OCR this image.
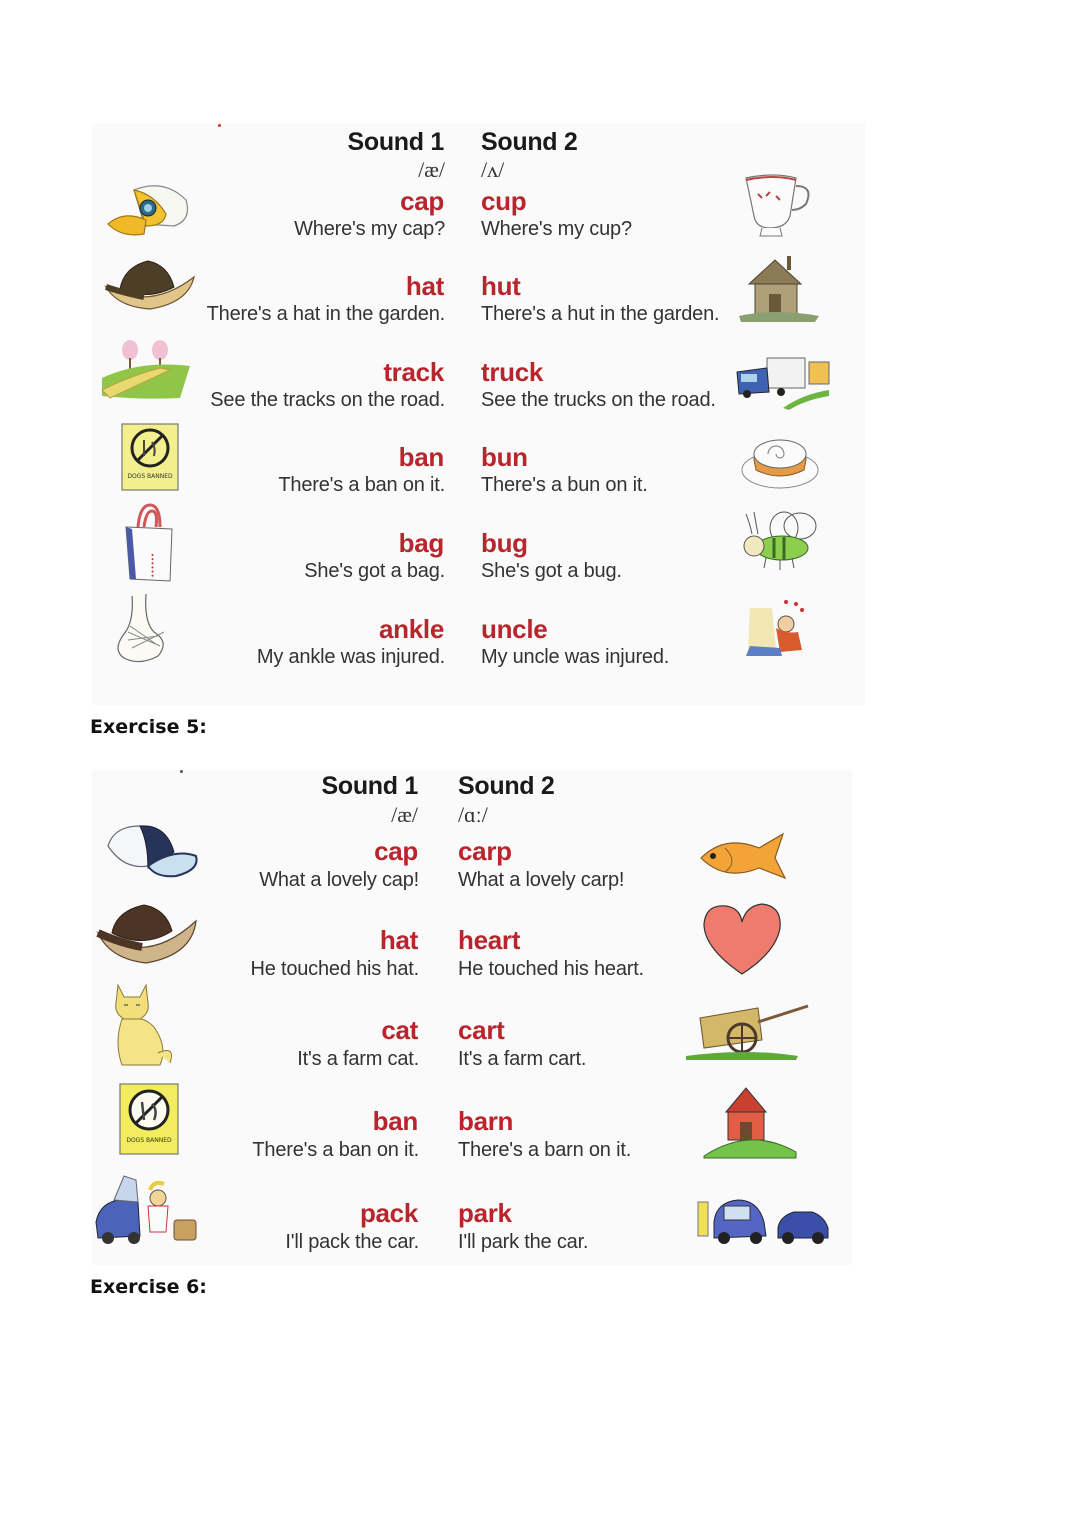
Sound 1 Sound 2
/æ/ /ʌ/
cap cup
Where's my cap? Where's my cup?
hat hut
There's a hat in the garden. There's a hut in the garden.
track truck
See the tracks on the road. See the trucks on the road.
ban bun
There's a ban on it. There's a bun on it.
bag bug
She's got a bag. She's got a bug.
ankle uncle
My ankle was injured. My uncle was injured.
DOGS BANNED
••••••
Exercise 5:
Sound 1 Sound 2
/æ/ /ɑː/
cap carp
What a lovely cap! What a lovely carp!
hat heart
He touched his hat. He touched his heart.
cat cart
It's a farm cat. It's a farm cart.
ban barn
There's a ban on it. There's a barn on it.
pack park
I'll pack the car. I'll park the car.
DOGS BANNED
Exercise 6:
